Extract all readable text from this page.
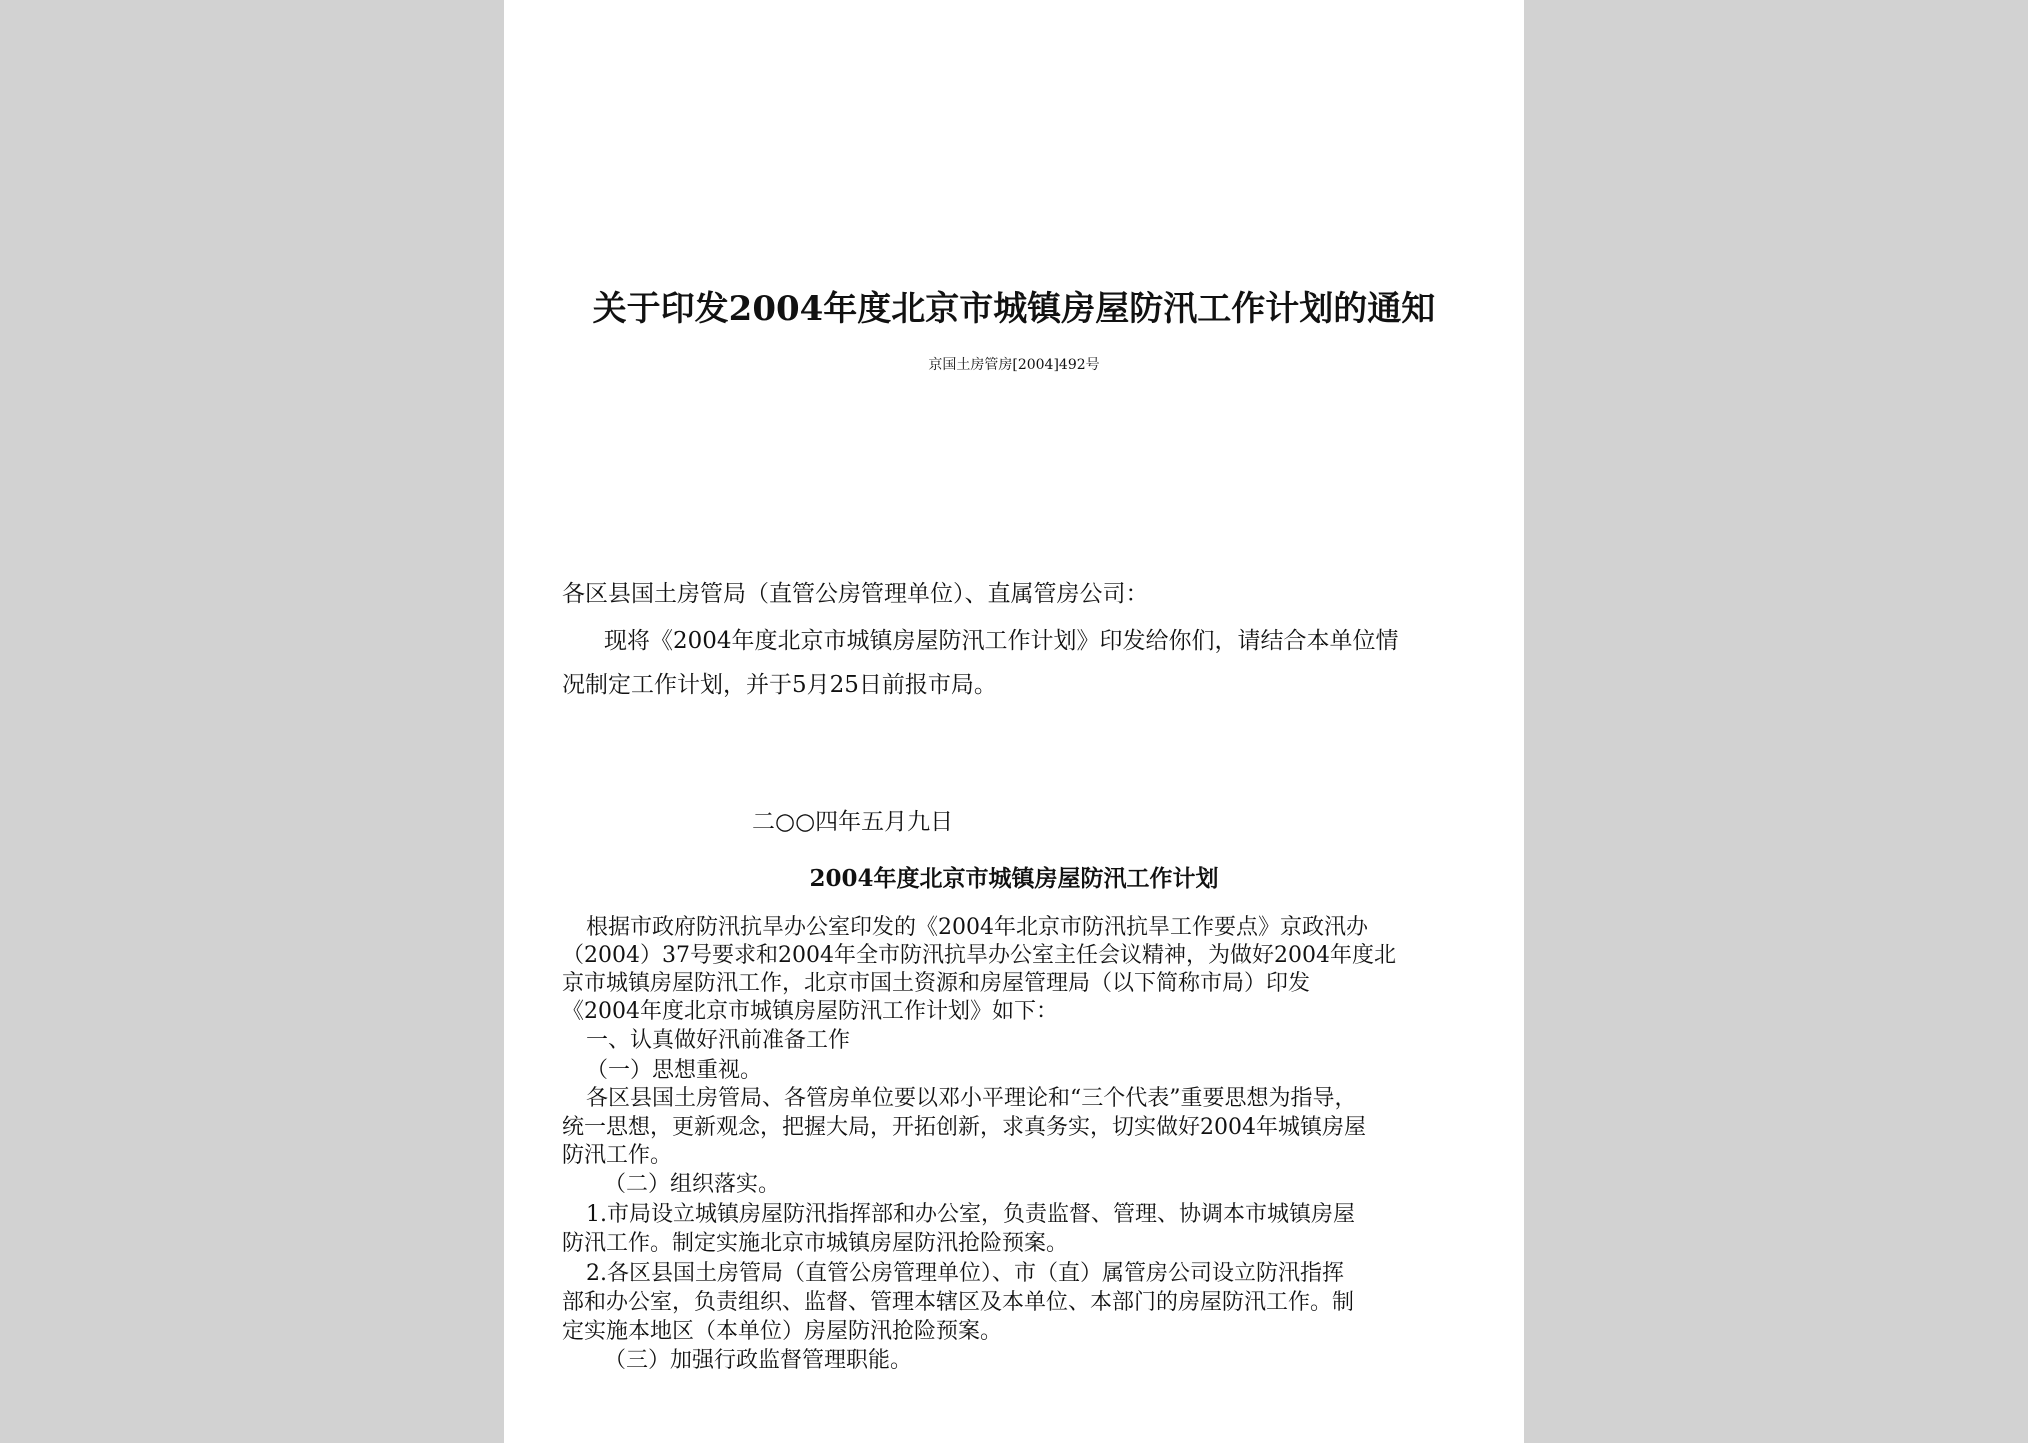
关于印发2004年度北京市城镇房屋防汛工作计划的通知
京国土房管房[2004]492号
各区县国土房管局（直管公房管理单位）、直属管房公司：
现将《2004年度北京市城镇房屋防汛工作计划》印发给你们，请结合本单位情
况制定工作计划，并于5月25日前报市局。
二○○四年五月九日
2004年度北京市城镇房屋防汛工作计划
根据市政府防汛抗旱办公室印发的《2004年北京市防汛抗旱工作要点》京政汛办
（2004）37号要求和2004年全市防汛抗旱办公室主任会议精神，为做好2004年度北
京市城镇房屋防汛工作，北京市国土资源和房屋管理局（以下简称市局）印发
《2004年度北京市城镇房屋防汛工作计划》如下：
一、认真做好汛前准备工作
（一）思想重视。
各区县国土房管局、各管房单位要以邓小平理论和“三个代表”重要思想为指导，
统一思想，更新观念，把握大局，开拓创新，求真务实，切实做好2004年城镇房屋
防汛工作。
（二）组织落实。
1.市局设立城镇房屋防汛指挥部和办公室，负责监督、管理、协调本市城镇房屋
防汛工作。制定实施北京市城镇房屋防汛抢险预案。
2.各区县国土房管局（直管公房管理单位）、市（直）属管房公司设立防汛指挥
部和办公室，负责组织、监督、管理本辖区及本单位、本部门的房屋防汛工作。制
定实施本地区（本单位）房屋防汛抢险预案。
（三）加强行政监督管理职能。
